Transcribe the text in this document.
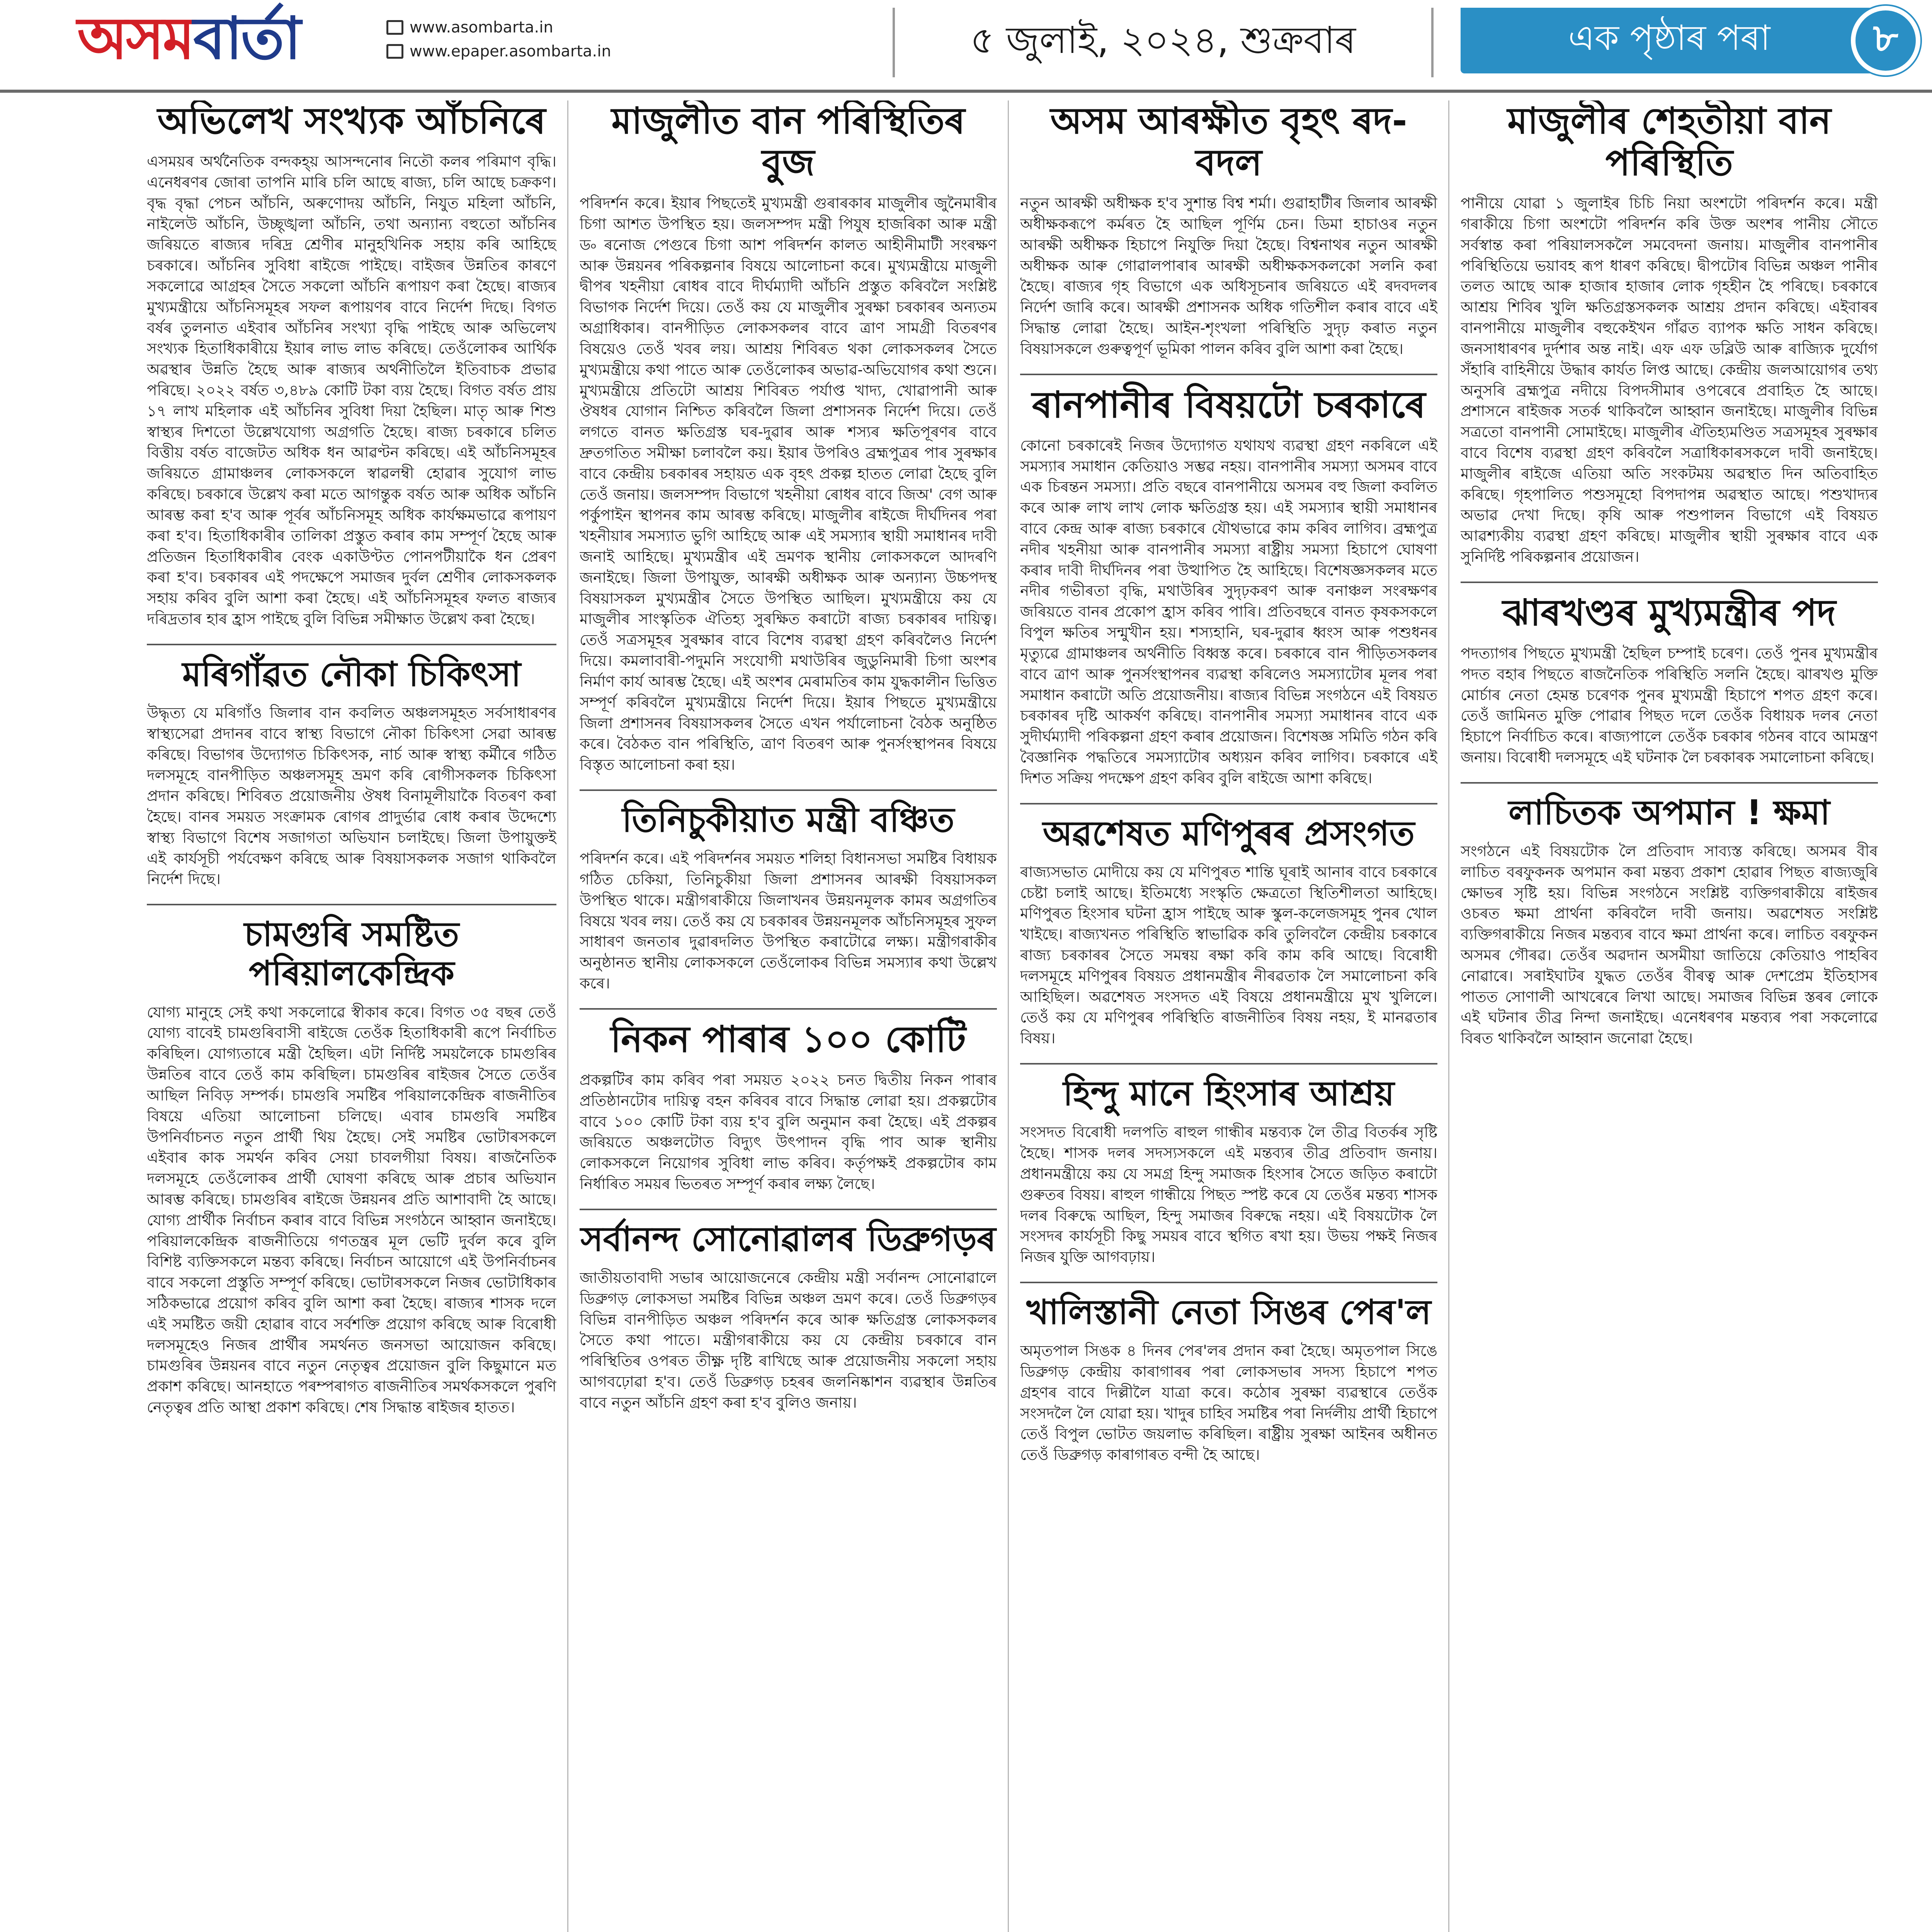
অসম বার্তা	www.asombarta.in
www.epaper.asombarta.in	৫ জুলাই, ২০২৪, শুক্ৰবাৰ	এক পৃষ্ঠাৰ পৰা	৮
অভিলেখ সংখ্যক আঁচনিৰে
এসময়ৰ অৰ্থনৈতিক বন্দকহ্‌য় আসন্দনোৰ নিতৌ কলৰ পৰিমাণ বৃদ্ধি। এনেধৰণৰ জোৰা তাপনি মাৰি চলি আছে ৰাজ্য, চলি আছে চক্ৰকণ। বৃদ্ধ বৃদ্ধা পেচন আঁচনি, অৰুণোদয় আঁচনি, নিযুত মহিলা আঁচনি, নাইলেউ আঁচনি, উচ্ছৃঙ্খলা আঁচনি, তথা অন্যান্য বহুতো আঁচনিৰ জৰিয়তে ৰাজ্যৰ দৰিদ্ৰ শ্ৰেণীৰ মানুহখিনিক সহায় কৰি আহিছে চৰকাৰে। আঁচনিৰ সুবিধা ৰাইজে পাইছে। বাইজৰ উন্নতিৰ কাৰণে সকলোৱে আগ্ৰহৰ সৈতে সকলো আঁচনি ৰূপায়ণ কৰা হৈছে। ৰাজ্যৰ মুখ্যমন্ত্ৰীয়ে আঁচনিসমূহৰ সফল ৰূপায়ণৰ বাবে নিৰ্দেশ দিছে। বিগত বৰ্ষৰ তুলনাত এইবাৰ আঁচনিৰ সংখ্যা বৃদ্ধি পাইছে আৰু অভিলেখ সংখ্যক হিতাধিকাৰীয়ে ইয়াৰ লাভ লাভ কৰিছে। তেওঁলোকৰ আৰ্থিক অৱস্থাৰ উন্নতি হৈছে আৰু ৰাজ্যৰ অৰ্থনীতিলৈ ইতিবাচক প্ৰভাৱ পৰিছে। ২০২২ বৰ্ষত ৩,৪৮৯ কোটি টকা ব্যয় হৈছে। বিগত বৰ্ষত প্ৰায় ১৭ লাখ মহিলাক এই আঁচনিৰ সুবিধা দিয়া হৈছিল। মাতৃ আৰু শিশু স্বাস্থ্যৰ দিশতো উল্লেখযোগ্য অগ্ৰগতি হৈছে। ৰাজ্য চৰকাৰে চলিত বিত্তীয় বৰ্ষত বাজেটত অধিক ধন আৱণ্টন কৰিছে। এই আঁচনিসমূহৰ জৰিয়তে গ্ৰামাঞ্চলৰ লোকসকলে স্বাৱলম্বী হোৱাৰ সুযোগ লাভ কৰিছে। চৰকাৰে উল্লেখ কৰা মতে আগন্তুক বৰ্ষত আৰু অধিক আঁচনি আৰম্ভ কৰা হ'ব আৰু পূৰ্বৰ আঁচনিসমূহ অধিক কাৰ্যক্ষমভাৱে ৰূপায়ণ কৰা হ'ব। হিতাধিকাৰীৰ তালিকা প্ৰস্তুত কৰাৰ কাম সম্পূৰ্ণ হৈছে আৰু প্ৰতিজন হিতাধিকাৰীৰ বেংক একাউণ্টত পোনপটীয়াকৈ ধন প্ৰেৰণ কৰা হ'ব। চৰকাৰৰ এই পদক্ষেপে সমাজৰ দুৰ্বল শ্ৰেণীৰ লোকসকলক সহায় কৰিব বুলি আশা কৰা হৈছে। এই আঁচনিসমূহৰ ফলত ৰাজ্যৰ দৰিদ্ৰতাৰ হাৰ হ্ৰাস পাইছে বুলি বিভিন্ন সমীক্ষাত উল্লেখ কৰা হৈছে।
মৰিগাঁৱত নৌকা চিকিৎসা
উদ্ধৃত্য যে মৰিগাঁও জিলাৰ বান কবলিত অঞ্চলসমূহত সৰ্বসাধাৰণৰ স্বাস্থ্যসেৱা প্ৰদানৰ বাবে স্বাস্থ্য বিভাগে নৌকা চিকিৎসা সেৱা আৰম্ভ কৰিছে। বিভাগৰ উদ্যোগত চিকিৎসক, নাৰ্চ আৰু স্বাস্থ্য কৰ্মীৰে গঠিত দলসমূহে বানপীড়িত অঞ্চলসমূহ ভ্ৰমণ কৰি ৰোগীসকলক চিকিৎসা প্ৰদান কৰিছে। শিবিৰত প্ৰয়োজনীয় ঔষধ বিনামূলীয়াকৈ বিতৰণ কৰা হৈছে। বানৰ সময়ত সংক্ৰামক ৰোগৰ প্ৰাদুৰ্ভাৱ ৰোধ কৰাৰ উদ্দেশ্যে স্বাস্থ্য বিভাগে বিশেষ সজাগতা অভিযান চলাইছে। জিলা উপায়ুক্তই এই কাৰ্যসূচী পৰ্যবেক্ষণ কৰিছে আৰু বিষয়াসকলক সজাগ থাকিবলৈ নিৰ্দেশ দিছে।
চামগুৰি সমষ্টিত পৰিয়ালকেন্দ্ৰিক
যোগ্য মানুহে সেই কথা সকলোৱে স্বীকাৰ কৰে। বিগত ৩৫ বছৰ তেওঁ যোগ্য বাবেই চামগুৰিবাসী ৰাইজে তেওঁক হিতাধিকাৰী ৰূপে নিৰ্বাচিত কৰিছিল। যোগ্যতাৰে মন্ত্ৰী হৈছিল। এটা নিৰ্দিষ্ট সময়লৈকে চামগুৰিৰ উন্নতিৰ বাবে তেওঁ কাম কৰিছিল। চামগুৰিৰ ৰাইজৰ সৈতে তেওঁৰ আছিল নিবিড় সম্পৰ্ক। চামগুৰি সমষ্টিৰ পৰিয়ালকেন্দ্ৰিক ৰাজনীতিৰ বিষয়ে এতিয়া আলোচনা চলিছে। এবাৰ চামগুৰি সমষ্টিৰ উপনিৰ্বাচনত নতুন প্ৰাৰ্থী থিয় হৈছে। সেই সমষ্টিৰ ভোটাৰসকলে এইবাৰ কাক সমৰ্থন কৰিব সেয়া চাবলগীয়া বিষয়। ৰাজনৈতিক দলসমূহে তেওঁলোকৰ প্ৰাৰ্থী ঘোষণা কৰিছে আৰু প্ৰচাৰ অভিযান আৰম্ভ কৰিছে। চামগুৰিৰ ৰাইজে উন্নয়নৰ প্ৰতি আশাবাদী হৈ আছে। যোগ্য প্ৰাৰ্থীক নিৰ্বাচন কৰাৰ বাবে বিভিন্ন সংগঠনে আহ্বান জনাইছে। পৰিয়ালকেন্দ্ৰিক ৰাজনীতিয়ে গণতন্ত্ৰৰ মূল ভেটি দুৰ্বল কৰে বুলি বিশিষ্ট ব্যক্তিসকলে মন্তব্য কৰিছে। নিৰ্বাচন আয়োগে এই উপনিৰ্বাচনৰ বাবে সকলো প্ৰস্তুতি সম্পূৰ্ণ কৰিছে। ভোটাৰসকলে নিজৰ ভোটাধিকাৰ সঠিকভাৱে প্ৰয়োগ কৰিব বুলি আশা কৰা হৈছে। ৰাজ্যৰ শাসক দলে এই সমষ্টিত জয়ী হোৱাৰ বাবে সৰ্বশক্তি প্ৰয়োগ কৰিছে আৰু বিৰোধী দলসমূহেও নিজৰ প্ৰাৰ্থীৰ সমৰ্থনত জনসভা আয়োজন কৰিছে। চামগুৰিৰ উন্নয়নৰ বাবে নতুন নেতৃত্বৰ প্ৰয়োজন বুলি কিছুমানে মত প্ৰকাশ কৰিছে। আনহাতে পৰম্পৰাগত ৰাজনীতিৰ সমৰ্থকসকলে পুৰণি নেতৃত্বৰ প্ৰতি আস্থা প্ৰকাশ কৰিছে। শেষ সিদ্ধান্ত ৰাইজৰ হাতত।
মাজুলীত বান পৰিস্থিতিৰ বুজ
পৰিদৰ্শন কৰে। ইয়াৰ পিছতেই মুখ্যমন্ত্ৰী গুৰাৰকাৰ মাজুলীৰ জুনৈমাৰীৰ চিগা আশত উপস্থিত হয়। জলসম্পদ মন্ত্ৰী পিযুষ হাজৰিকা আৰু মন্ত্ৰী ড৹ ৰনোজ পেগুৰে চিগা আশ পৰিদৰ্শন কালত আহীনীমাটী সংৰক্ষণ আৰু উন্নয়নৰ পৰিকল্পনাৰ বিষয়ে আলোচনা কৰে। মুখ্যমন্ত্ৰীয়ে মাজুলী দ্বীপৰ খহনীয়া ৰোধৰ বাবে দীৰ্ঘম্যাদী আঁচনি প্ৰস্তুত কৰিবলৈ সংশ্লিষ্ট বিভাগক নিৰ্দেশ দিয়ে। তেওঁ কয় যে মাজুলীৰ সুৰক্ষা চৰকাৰৰ অন্যতম অগ্ৰাধিকাৰ। বানপীড়িত লোকসকলৰ বাবে ত্ৰাণ সামগ্ৰী বিতৰণৰ বিষয়েও তেওঁ খবৰ লয়। আশ্ৰয় শিবিৰত থকা লোকসকলৰ সৈতে মুখ্যমন্ত্ৰীয়ে কথা পাতে আৰু তেওঁলোকৰ অভাৱ-অভিযোগৰ কথা শুনে। মুখ্যমন্ত্ৰীয়ে প্ৰতিটো আশ্ৰয় শিবিৰত পৰ্যাপ্ত খাদ্য, খোৱাপানী আৰু ঔষধৰ যোগান নিশ্চিত কৰিবলৈ জিলা প্ৰশাসনক নিৰ্দেশ দিয়ে। তেওঁ লগতে বানত ক্ষতিগ্ৰস্ত ঘৰ-দুৱাৰ আৰু শস্যৰ ক্ষতিপূৰণৰ বাবে দ্ৰুতগতিত সমীক্ষা চলাবলৈ কয়। ইয়াৰ উপৰিও ব্ৰহ্মপুত্ৰৰ পাৰ সুৰক্ষাৰ বাবে কেন্দ্ৰীয় চৰকাৰৰ সহায়ত এক বৃহৎ প্ৰকল্প হাতত লোৱা হৈছে বুলি তেওঁ জনায়। জলসম্পদ বিভাগে খহনীয়া ৰোধৰ বাবে জিঅ' বেগ আৰু পৰ্কুপাইন স্থাপনৰ কাম আৰম্ভ কৰিছে। মাজুলীৰ ৰাইজে দীৰ্ঘদিনৰ পৰা খহনীয়াৰ সমস্যাত ভুগি আহিছে আৰু এই সমস্যাৰ স্থায়ী সমাধানৰ দাবী জনাই আহিছে। মুখ্যমন্ত্ৰীৰ এই ভ্ৰমণক স্থানীয় লোকসকলে আদৰণি জনাইছে। জিলা উপায়ুক্ত, আৰক্ষী অধীক্ষক আৰু অন্যান্য উচ্চপদস্থ বিষয়াসকল মুখ্যমন্ত্ৰীৰ সৈতে উপস্থিত আছিল। মুখ্যমন্ত্ৰীয়ে কয় যে মাজুলীৰ সাংস্কৃতিক ঐতিহ্য সুৰক্ষিত কৰাটো ৰাজ্য চৰকাৰৰ দায়িত্ব। তেওঁ সত্ৰসমূহৰ সুৰক্ষাৰ বাবে বিশেষ ব্যৱস্থা গ্ৰহণ কৰিবলৈও নিৰ্দেশ দিয়ে। কমলাবাৰী-পদুমনি সংযোগী মথাউৰিৰ জুডুনিমাৰী চিগা অংশৰ নিৰ্মাণ কাৰ্য আৰম্ভ হৈছে। এই অংশৰ মেৰামতিৰ কাম যুদ্ধকালীন ভিত্তিত সম্পূৰ্ণ কৰিবলৈ মুখ্যমন্ত্ৰীয়ে নিৰ্দেশ দিয়ে। ইয়াৰ পিছতে মুখ্যমন্ত্ৰীয়ে জিলা প্ৰশাসনৰ বিষয়াসকলৰ সৈতে এখন পৰ্যালোচনা বৈঠক অনুষ্ঠিত কৰে। বৈঠকত বান পৰিস্থিতি, ত্ৰাণ বিতৰণ আৰু পুনৰ্সংস্থাপনৰ বিষয়ে বিস্তৃত আলোচনা কৰা হয়।
তিনিচুকীয়াত মন্ত্ৰী বঞ্চিত
পৰিদৰ্শন কৰে। এই পৰিদৰ্শনৰ সময়ত শলিহা বিধানসভা সমষ্টিৰ বিধায়ক গঠিত চেকিয়া, তিনিচুকীয়া জিলা প্ৰশাসনৰ আৰক্ষী বিষয়াসকল উপস্থিত থাকে। মন্ত্ৰীগৰাকীয়ে জিলাখনৰ উন্নয়নমূলক কামৰ অগ্ৰগতিৰ বিষয়ে খবৰ লয়। তেওঁ কয় যে চৰকাৰৰ উন্নয়নমূলক আঁচনিসমূহৰ সুফল সাধাৰণ জনতাৰ দুৱাৰদলিত উপস্থিত কৰাটোৱে লক্ষ্য। মন্ত্ৰীগৰাকীৰ অনুষ্ঠানত স্থানীয় লোকসকলে তেওঁলোকৰ বিভিন্ন সমস্যাৰ কথা উল্লেখ কৰে।
নিকন পাৰাৰ ১০০ কোটি
প্ৰকল্পটিৰ কাম কৰিব পৰা সময়ত ২০২২ চনত দ্বিতীয় নিকন পাৰাৰ প্ৰতিষ্ঠানটোৰ দায়িত্ব বহন কৰিবৰ বাবে সিদ্ধান্ত লোৱা হয়। প্ৰকল্পটোৰ বাবে ১০০ কোটি টকা ব্যয় হ'ব বুলি অনুমান কৰা হৈছে। এই প্ৰকল্পৰ জৰিয়তে অঞ্চলটোত বিদ্যুৎ উৎপাদন বৃদ্ধি পাব আৰু স্থানীয় লোকসকলে নিয়োগৰ সুবিধা লাভ কৰিব। কৰ্তৃপক্ষই প্ৰকল্পটোৰ কাম নিৰ্ধাৰিত সময়ৰ ভিতৰত সম্পূৰ্ণ কৰাৰ লক্ষ্য লৈছে।
সৰ্বানন্দ সোনোৱালৰ ডিব্ৰুগড়ৰ
জাতীয়তাবাদী সভাৰ আয়োজনেৰে কেন্দ্ৰীয় মন্ত্ৰী সৰ্বানন্দ সোনোৱালে ডিব্ৰুগড় লোকসভা সমষ্টিৰ বিভিন্ন অঞ্চল ভ্ৰমণ কৰে। তেওঁ ডিব্ৰুগড়ৰ বিভিন্ন বানপীড়িত অঞ্চল পৰিদৰ্শন কৰে আৰু ক্ষতিগ্ৰস্ত লোকসকলৰ সৈতে কথা পাতে। মন্ত্ৰীগৰাকীয়ে কয় যে কেন্দ্ৰীয় চৰকাৰে বান পৰিস্থিতিৰ ওপৰত তীক্ষ্ণ দৃষ্টি ৰাখিছে আৰু প্ৰয়োজনীয় সকলো সহায় আগবঢ়োৱা হ'ব। তেওঁ ডিব্ৰুগড় চহৰৰ জলনিষ্কাশন ব্যৱস্থাৰ উন্নতিৰ বাবে নতুন আঁচনি গ্ৰহণ কৰা হ'ব বুলিও জনায়।
অসম আৰক্ষীত বৃহৎ ৰদ-বদল
নতুন আৰক্ষী অধীক্ষক হ'ব সুশান্ত বিশ্ব শৰ্মা। গুৱাহাটীৰ জিলাৰ আৰক্ষী অধীক্ষকৰূপে কৰ্মৰত হৈ আছিল পূৰ্ণিম চেন। ডিমা হাচাওৰ নতুন আৰক্ষী অধীক্ষক হিচাপে নিযুক্তি দিয়া হৈছে। বিশ্বনাথৰ নতুন আৰক্ষী অধীক্ষক আৰু গোৱালপাৰাৰ আৰক্ষী অধীক্ষকসকলকো সলনি কৰা হৈছে। ৰাজ্যৰ গৃহ বিভাগে এক অধিসূচনাৰ জৰিয়তে এই ৰদবদলৰ নিৰ্দেশ জাৰি কৰে। আৰক্ষী প্ৰশাসনক অধিক গতিশীল কৰাৰ বাবে এই সিদ্ধান্ত লোৱা হৈছে। আইন-শৃংখলা পৰিস্থিতি সুদৃঢ় কৰাত নতুন বিষয়াসকলে গুৰুত্বপূৰ্ণ ভূমিকা পালন কৰিব বুলি আশা কৰা হৈছে।
ৰানপানীৰ বিষয়টো চৰকাৰে
কোনো চৰকাৰেই নিজৰ উদ্যোগত যথাযথ ব্যৱস্থা গ্ৰহণ নকৰিলে এই সমস্যাৰ সমাধান কেতিয়াও সম্ভৱ নহয়। বানপানীৰ সমস্যা অসমৰ বাবে এক চিৰন্তন সমস্যা। প্ৰতি বছৰে বানপানীয়ে অসমৰ বহু জিলা কবলিত কৰে আৰু লাখ লাখ লোক ক্ষতিগ্ৰস্ত হয়। এই সমস্যাৰ স্থায়ী সমাধানৰ বাবে কেন্দ্ৰ আৰু ৰাজ্য চৰকাৰে যৌথভাৱে কাম কৰিব লাগিব। ব্ৰহ্মপুত্ৰ নদীৰ খহনীয়া আৰু বানপানীৰ সমস্যা ৰাষ্ট্ৰীয় সমস্যা হিচাপে ঘোষণা কৰাৰ দাবী দীৰ্ঘদিনৰ পৰা উত্থাপিত হৈ আহিছে। বিশেষজ্ঞসকলৰ মতে নদীৰ গভীৰতা বৃদ্ধি, মথাউৰিৰ সুদৃঢ়কৰণ আৰু বনাঞ্চল সংৰক্ষণৰ জৰিয়তে বানৰ প্ৰকোপ হ্ৰাস কৰিব পাৰি। প্ৰতিবছৰে বানত কৃষকসকলে বিপুল ক্ষতিৰ সন্মুখীন হয়। শস্যহানি, ঘৰ-দুৱাৰ ধ্বংস আৰু পশুধনৰ মৃত্যুৱে গ্ৰামাঞ্চলৰ অৰ্থনীতি বিধ্বস্ত কৰে। চৰকাৰে বান পীড়িতসকলৰ বাবে ত্ৰাণ আৰু পুনৰ্সংস্থাপনৰ ব্যৱস্থা কৰিলেও সমস্যাটোৰ মূলৰ পৰা সমাধান কৰাটো অতি প্ৰয়োজনীয়। ৰাজ্যৰ বিভিন্ন সংগঠনে এই বিষয়ত চৰকাৰৰ দৃষ্টি আকৰ্ষণ কৰিছে। বানপানীৰ সমস্যা সমাধানৰ বাবে এক সুদীৰ্ঘম্যাদী পৰিকল্পনা গ্ৰহণ কৰাৰ প্ৰয়োজন। বিশেষজ্ঞ সমিতি গঠন কৰি বৈজ্ঞানিক পদ্ধতিৰে সমস্যাটোৰ অধ্যয়ন কৰিব লাগিব। চৰকাৰে এই দিশত সক্ৰিয় পদক্ষেপ গ্ৰহণ কৰিব বুলি ৰাইজে আশা কৰিছে।
অৱশেষত মণিপুৰৰ প্ৰসংগত
ৰাজ্যসভাত মোদীয়ে কয় যে মণিপুৰত শান্তি ঘূৰাই আনাৰ বাবে চৰকাৰে চেষ্টা চলাই আছে। ইতিমধ্যে সংস্কৃতি ক্ষেত্ৰতো স্থিতিশীলতা আহিছে। মণিপুৰত হিংসাৰ ঘটনা হ্ৰাস পাইছে আৰু স্কুল-কলেজসমূহ পুনৰ খোল খাইছে। ৰাজ্যখনত পৰিস্থিতি স্বাভাৱিক কৰি তুলিবলৈ কেন্দ্ৰীয় চৰকাৰে ৰাজ্য চৰকাৰৰ সৈতে সমন্বয় ৰক্ষা কৰি কাম কৰি আছে। বিৰোধী দলসমূহে মণিপুৰৰ বিষয়ত প্ৰধানমন্ত্ৰীৰ নীৰৱতাক লৈ সমালোচনা কৰি আহিছিল। অৱশেষত সংসদত এই বিষয়ে প্ৰধানমন্ত্ৰীয়ে মুখ খুলিলে। তেওঁ কয় যে মণিপুৰৰ পৰিস্থিতি ৰাজনীতিৰ বিষয় নহয়, ই মানৱতাৰ বিষয়।
হিন্দু মানে হিংসাৰ আশ্ৰয়
সংসদত বিৰোধী দলপতি ৰাহুল গান্ধীৰ মন্তব্যক লৈ তীব্ৰ বিতৰ্কৰ সৃষ্টি হৈছে। শাসক দলৰ সদস্যসকলে এই মন্তব্যৰ তীব্ৰ প্ৰতিবাদ জনায়। প্ৰধানমন্ত্ৰীয়ে কয় যে সমগ্ৰ হিন্দু সমাজক হিংসাৰ সৈতে জড়িত কৰাটো গুৰুতৰ বিষয়। ৰাহুল গান্ধীয়ে পিছত স্পষ্ট কৰে যে তেওঁৰ মন্তব্য শাসক দলৰ বিৰুদ্ধে আছিল, হিন্দু সমাজৰ বিৰুদ্ধে নহয়। এই বিষয়টোক লৈ সংসদৰ কাৰ্যসূচী কিছু সময়ৰ বাবে স্থগিত ৰখা হয়। উভয় পক্ষই নিজৰ নিজৰ যুক্তি আগবঢ়ায়।
খালিস্তানী নেতা সিঙৰ পেৰ'ল
অমৃতপাল সিঙক ৪ দিনৰ পেৰ'লৰ প্ৰদান কৰা হৈছে। অমৃতপাল সিঙে ডিব্ৰুগড় কেন্দ্ৰীয় কাৰাগাৰৰ পৰা লোকসভাৰ সদস্য হিচাপে শপত গ্ৰহণৰ বাবে দিল্লীলৈ যাত্ৰা কৰে। কঠোৰ সুৰক্ষা ব্যৱস্থাৰে তেওঁক সংসদলৈ লৈ যোৱা হয়। খাদুৰ চাহিব সমষ্টিৰ পৰা নিৰ্দলীয় প্ৰাৰ্থী হিচাপে তেওঁ বিপুল ভোটত জয়লাভ কৰিছিল। ৰাষ্ট্ৰীয় সুৰক্ষা আইনৰ অধীনত তেওঁ ডিব্ৰুগড় কাৰাগাৰত বন্দী হৈ আছে।
মাজুলীৰ শেহতীয়া বান পৰিস্থিতি
পানীয়ে যোৱা ১ জুলাইৰ চিচি নিয়া অংশটো পৰিদৰ্শন কৰে। মন্ত্ৰী গৰাকীয়ে চিগা অংশটো পৰিদৰ্শন কৰি উক্ত অংশৰ পানীয় সৌতে সৰ্বস্বান্ত কৰা পৰিয়ালসকলৈ সমবেদনা জনায়। মাজুলীৰ বানপানীৰ পৰিস্থিতিয়ে ভয়াবহ ৰূপ ধাৰণ কৰিছে। দ্বীপটোৰ বিভিন্ন অঞ্চল পানীৰ তলত আছে আৰু হাজাৰ হাজাৰ লোক গৃহহীন হৈ পৰিছে। চৰকাৰে আশ্ৰয় শিবিৰ খুলি ক্ষতিগ্ৰস্তসকলক আশ্ৰয় প্ৰদান কৰিছে। এইবাৰৰ বানপানীয়ে মাজুলীৰ বহুকেইখন গাঁৱত ব্যাপক ক্ষতি সাধন কৰিছে। জনসাধাৰণৰ দুৰ্দশাৰ অন্ত নাই। এফ এফ ডব্লিউ আৰু ৰাজ্যিক দুৰ্যোগ সঁহাৰি বাহিনীয়ে উদ্ধাৰ কাৰ্যত লিপ্ত আছে। কেন্দ্ৰীয় জলআয়োগৰ তথ্য অনুসৰি ব্ৰহ্মপুত্ৰ নদীয়ে বিপদসীমাৰ ওপৰেৰে প্ৰবাহিত হৈ আছে। প্ৰশাসনে ৰাইজক সতৰ্ক থাকিবলৈ আহ্বান জনাইছে। মাজুলীৰ বিভিন্ন সত্ৰতো বানপানী সোমাইছে। মাজুলীৰ ঐতিহ্যমণ্ডিত সত্ৰসমূহৰ সুৰক্ষাৰ বাবে বিশেষ ব্যৱস্থা গ্ৰহণ কৰিবলৈ সত্ৰাধিকাৰসকলে দাবী জনাইছে। মাজুলীৰ ৰাইজে এতিয়া অতি সংকটময় অৱস্থাত দিন অতিবাহিত কৰিছে। গৃহপালিত পশুসমূহো বিপদাপন্ন অৱস্থাত আছে। পশুখাদ্যৰ অভাৱ দেখা দিছে। কৃষি আৰু পশুপালন বিভাগে এই বিষয়ত আৱশ্যকীয় ব্যৱস্থা গ্ৰহণ কৰিছে। মাজুলীৰ স্থায়ী সুৰক্ষাৰ বাবে এক সুনিৰ্দিষ্ট পৰিকল্পনাৰ প্ৰয়োজন।
ঝাৰখণ্ডৰ মুখ্যমন্ত্ৰীৰ পদ
পদত্যাগৰ পিছতে মুখ্যমন্ত্ৰী হৈছিল চম্পাই চৰেণ। তেওঁ পুনৰ মুখ্যমন্ত্ৰীৰ পদত বহাৰ পিছতে ৰাজনৈতিক পৰিস্থিতি সলনি হৈছে। ঝাৰখণ্ড মুক্তি মোৰ্চাৰ নেতা হেমন্ত চৰেণক পুনৰ মুখ্যমন্ত্ৰী হিচাপে শপত গ্ৰহণ কৰে। তেওঁ জামিনত মুক্তি পোৱাৰ পিছত দলে তেওঁক বিধায়ক দলৰ নেতা হিচাপে নিৰ্বাচিত কৰে। ৰাজ্যপালে তেওঁক চৰকাৰ গঠনৰ বাবে আমন্ত্ৰণ জনায়। বিৰোধী দলসমূহে এই ঘটনাক লৈ চৰকাৰক সমালোচনা কৰিছে।
লাচিতক অপমান ! ক্ষমা
সংগঠনে এই বিষয়টোক লৈ প্ৰতিবাদ সাব্যস্ত কৰিছে। অসমৰ বীৰ লাচিত বৰফুকনক অপমান কৰা মন্তব্য প্ৰকাশ হোৱাৰ পিছত ৰাজ্যজুৰি ক্ষোভৰ সৃষ্টি হয়। বিভিন্ন সংগঠনে সংশ্লিষ্ট ব্যক্তিগৰাকীয়ে ৰাইজৰ ওচৰত ক্ষমা প্ৰাৰ্থনা কৰিবলৈ দাবী জনায়। অৱশেষত সংশ্লিষ্ট ব্যক্তিগৰাকীয়ে নিজৰ মন্তব্যৰ বাবে ক্ষমা প্ৰাৰ্থনা কৰে। লাচিত বৰফুকন অসমৰ গৌৰৱ। তেওঁৰ অৱদান অসমীয়া জাতিয়ে কেতিয়াও পাহৰিব নোৱাৰে। সৰাইঘাটৰ যুদ্ধত তেওঁৰ বীৰত্ব আৰু দেশপ্ৰেম ইতিহাসৰ পাতত সোণালী আখৰেৰে লিখা আছে। সমাজৰ বিভিন্ন স্তৰৰ লোকে এই ঘটনাৰ তীব্ৰ নিন্দা জনাইছে। এনেধৰণৰ মন্তব্যৰ পৰা সকলোৱে বিৰত থাকিবলৈ আহ্বান জনোৱা হৈছে।
